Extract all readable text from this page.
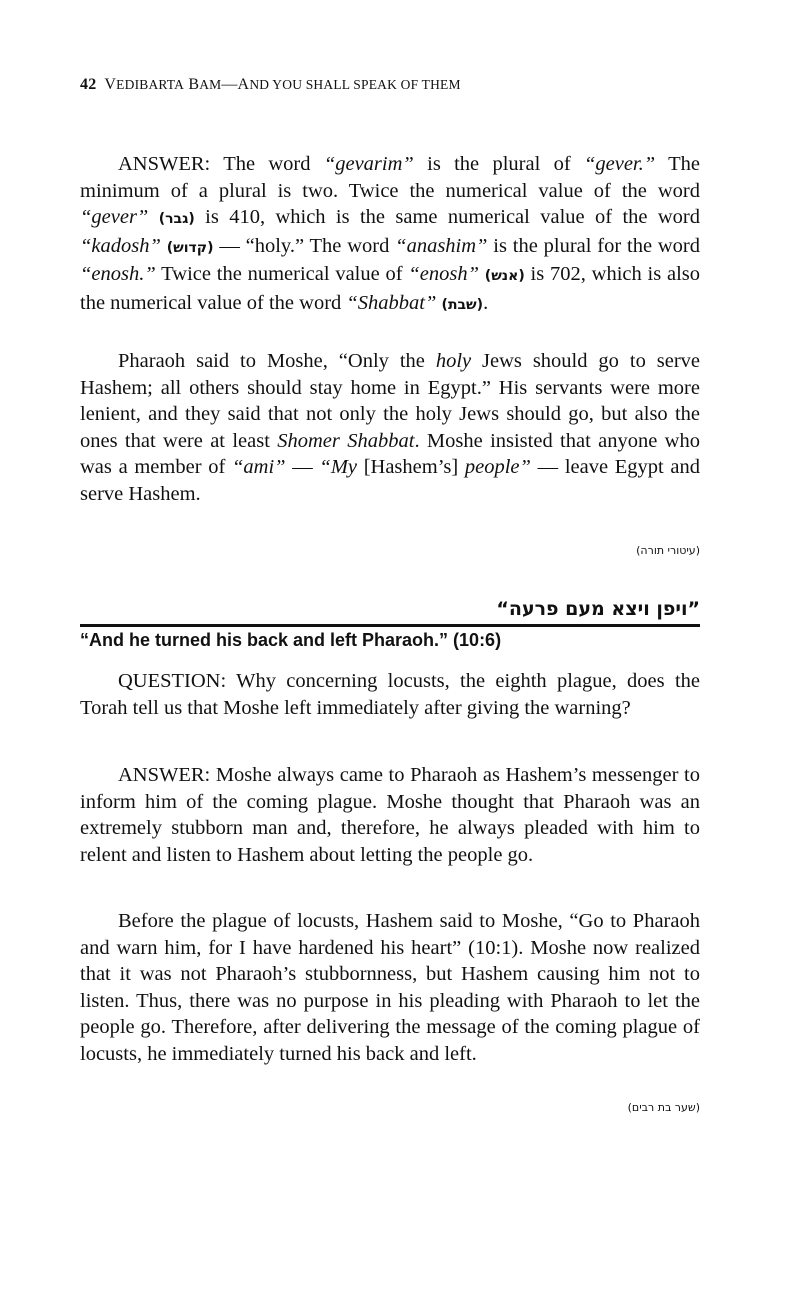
42 VEDIBARTA BAM—AND YOU SHALL SPEAK OF THEM

ANSWER: The word “gevarim” is the plural of “gever.” The minimum of a plural is two. Twice the numerical value of the word “gever” (גבר) is 410, which is the same numerical value of the word “kadosh” (קדוש) — “holy.” The word “anashim” is the plural for the word “enosh.” Twice the numerical value of “enosh” (אנש) is 702, which is also the numerical value of the word “Shabbat” (שבת).

Pharaoh said to Moshe, “Only the holy Jews should go to serve Hashem; all others should stay home in Egypt.” His servants were more lenient, and they said that not only the holy Jews should go, but also the ones that were at least Shomer Shabbat. Moshe insisted that anyone who was a member of “ami” — “My [Hashem’s] people” — leave Egypt and serve Hashem.

(עיטורי תורה)
”ויפן ויצא מעם פרעה“
“And he turned his back and left Pharaoh.” (10:6)

QUESTION: Why concerning locusts, the eighth plague, does the Torah tell us that Moshe left immediately after giving the warning?

ANSWER: Moshe always came to Pharaoh as Hashem’s messenger to inform him of the coming plague. Moshe thought that Pharaoh was an extremely stubborn man and, therefore, he always pleaded with him to relent and listen to Hashem about letting the people go.

Before the plague of locusts, Hashem said to Moshe, “Go to Pharaoh and warn him, for I have hardened his heart” (10:1). Moshe now realized that it was not Pharaoh’s stubbornness, but Hashem causing him not to listen. Thus, there was no purpose in his pleading with Pharaoh to let the people go. Therefore, after delivering the message of the coming plague of locusts, he immediately turned his back and left.

(שער בת רבים)
